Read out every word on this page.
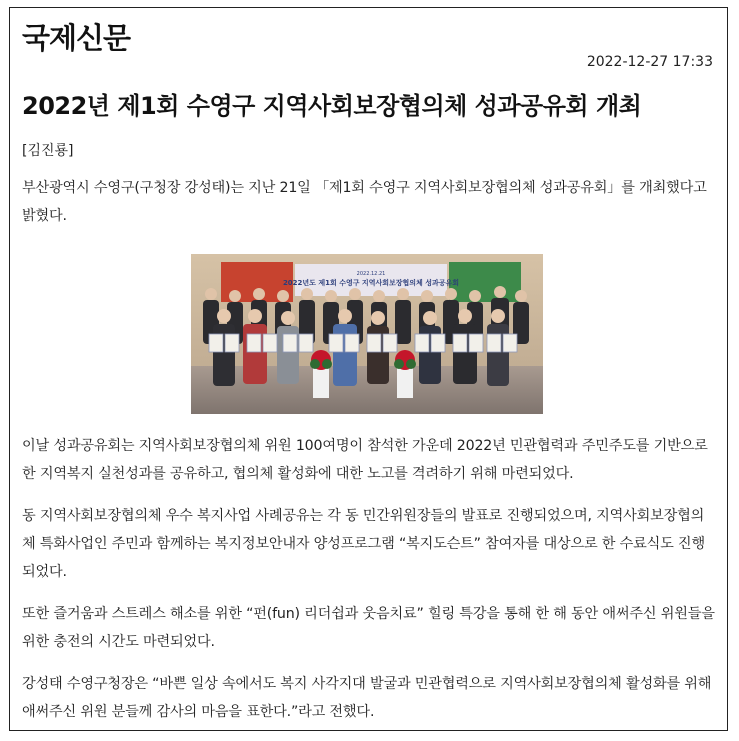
국제신문
2022-12-27 17:33
2022년 제1회 수영구 지역사회보장협의체 성과공유회 개최
[김진룡]
부산광역시 수영구(구청장 강성태)는 지난 21일 「제1회 수영구 지역사회보장협의체 성과공유회」를 개최했다고 밝혔다.
2022.12.21
2022년도 제1회 수영구 지역사회보장협의체 성과공유회
이날 성과공유회는 지역사회보장협의체 위원 100여명이 참석한 가운데 2022년 민관협력과 주민주도를 기반으로 한 지역복지 실천성과를 공유하고, 협의체 활성화에 대한 노고를 격려하기 위해 마련되었다.
동 지역사회보장협의체 우수 복지사업 사례공유는 각 동 민간위원장들의 발표로 진행되었으며, 지역사회보장협의체 특화사업인 주민과 함께하는 복지정보안내자 양성프로그램 “복지도슨트” 참여자를 대상으로 한 수료식도 진행되었다.
또한 즐거움과 스트레스 해소를 위한 “펀(fun) 리더쉽과 웃음치료” 힐링 특강을 통해 한 해 동안 애써주신 위원들을 위한 충전의 시간도 마련되었다.
강성태 수영구청장은 “바쁜 일상 속에서도 복지 사각지대 발굴과 민관협력으로 지역사회보장협의체 활성화를 위해 애써주신 위원 분들께 감사의 마음을 표한다.”라고 전했다.
